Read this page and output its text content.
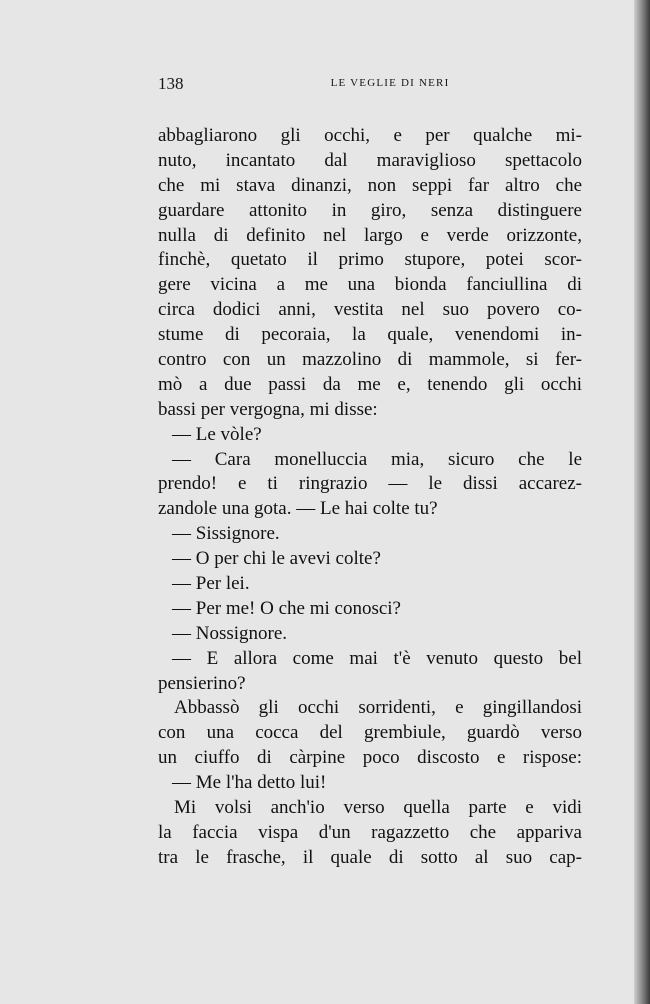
138	LE VEGLIE DI NERI
abbagliarono gli occhi, e per qualche mi-
nuto, incantato dal maraviglioso spettacolo
che mi stava dinanzi, non seppi far altro che
guardare attonito in giro, senza distinguere
nulla di definito nel largo e verde orizzonte,
finchè, quetato il primo stupore, potei scor-
gere vicina a me una bionda fanciullina di
circa dodici anni, vestita nel suo povero co-
stume di pecoraia, la quale, venendomi in-
contro con un mazzolino di mammole, si fer-
mò a due passi da me e, tenendo gli occhi
bassi per vergogna, mi disse:
— Le vòle?
— Cara monelluccia mia, sicuro che le
prendo! e ti ringrazio — le dissi accarez-
zandole una gota. — Le hai colte tu?
— Sissignore.
— O per chi le avevi colte?
— Per lei.
— Per me! O che mi conosci?
— Nossignore.
— E allora come mai t'è venuto questo bel
pensierino?
Abbassò gli occhi sorridenti, e gingillandosi
con una cocca del grembiule, guardò verso
un ciuffo di càrpine poco discosto e rispose:
— Me l'ha detto lui!
Mi volsi anch'io verso quella parte e vidi
la faccia vispa d'un ragazzetto che appariva
tra le frasche, il quale di sotto al suo cap-
